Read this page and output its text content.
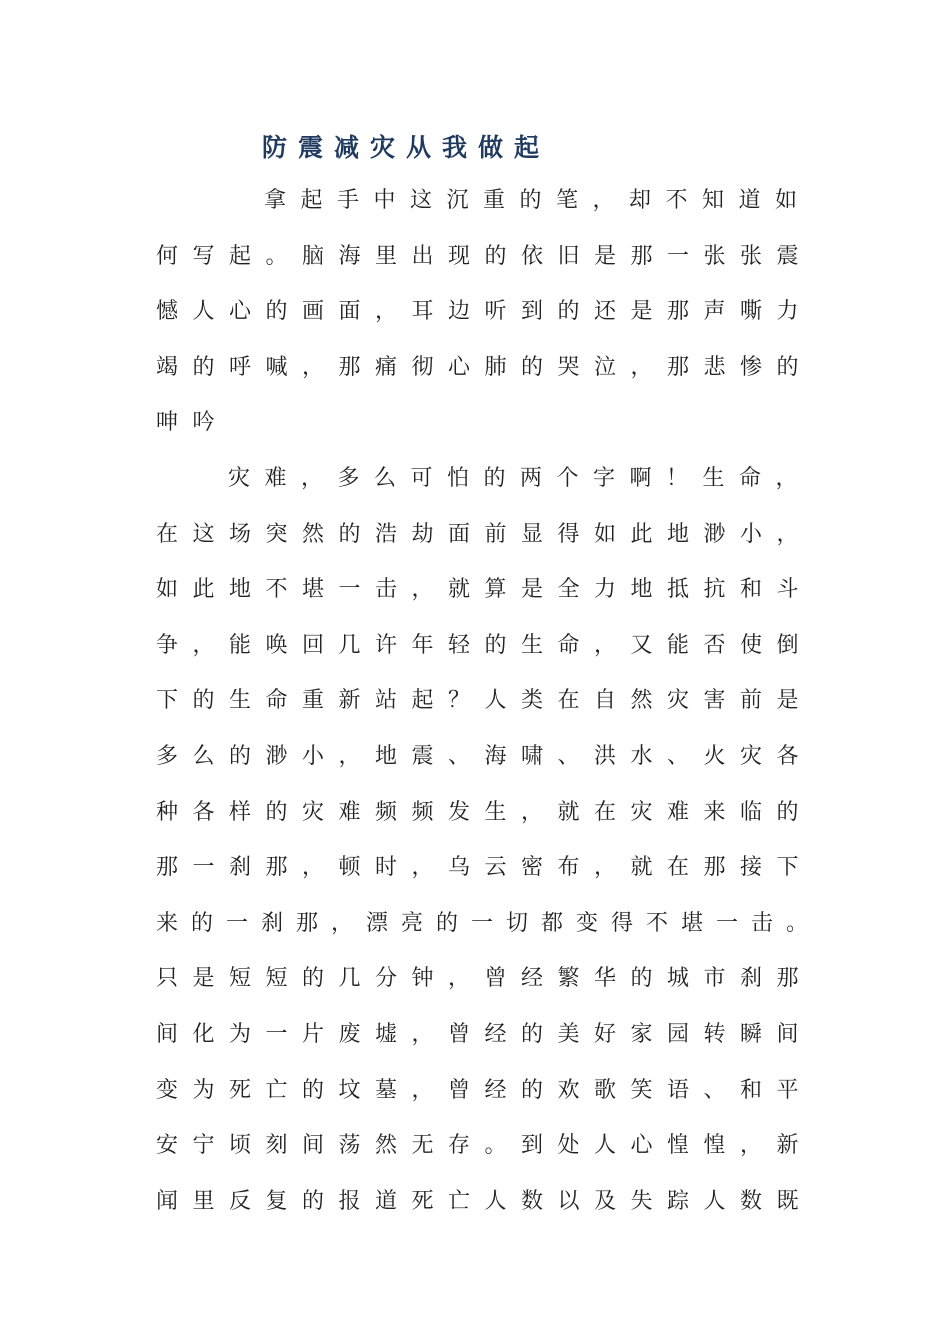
防震减灾从我做起
拿起手中这沉重的笔，却不知道如
何写起。脑海里出现的依旧是那一张张震
憾人心的画面，耳边听到的还是那声嘶力
竭的呼喊，那痛彻心肺的哭泣，那悲惨的
呻吟
灾难，多么可怕的两个字啊！生命，
在这场突然的浩劫面前显得如此地渺小，
如此地不堪一击，就算是全力地抵抗和斗
争，能唤回几许年轻的生命，又能否使倒
下的生命重新站起？人类在自然灾害前是
多么的渺小，地震、海啸、洪水、火灾各
种各样的灾难频频发生，就在灾难来临的
那一刹那，顿时，乌云密布，就在那接下
来的一刹那，漂亮的一切都变得不堪一击。
只是短短的几分钟，曾经繁华的城市刹那
间化为一片废墟，曾经的美好家园转瞬间
变为死亡的坟墓，曾经的欢歌笑语、和平
安宁顷刻间荡然无存。到处人心惶惶，新
闻里反复的报道死亡人数以及失踪人数既
